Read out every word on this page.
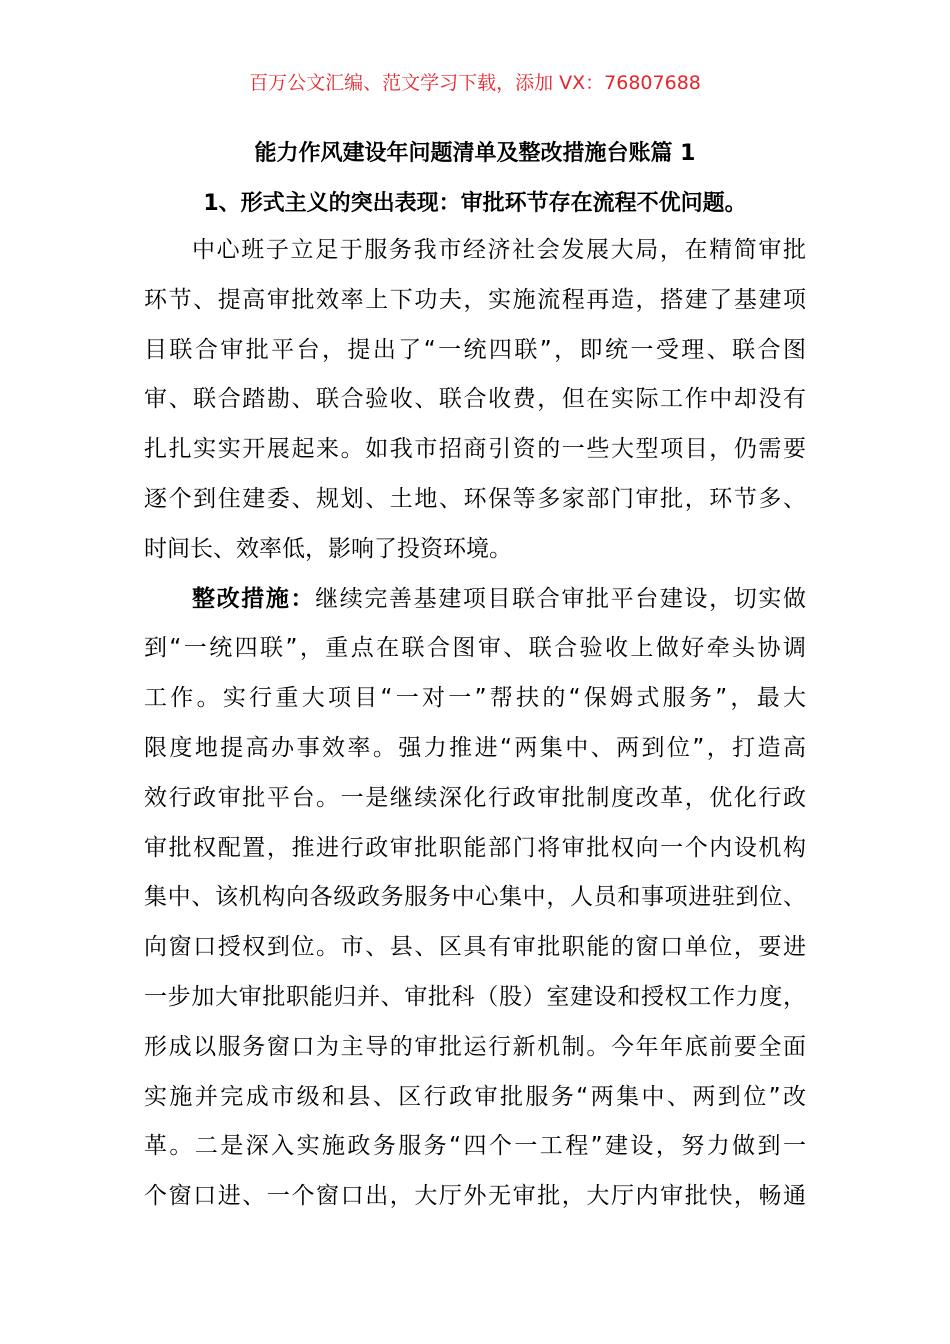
百万公文汇编、范文学习下载，添加 VX：76807688
能力作风建设年问题清单及整改措施台账篇 1
1、形式主义的突出表现：审批环节存在流程不优问题。
中心班子立足于服务我市经济社会发展大局，在精简审批
环节、提高审批效率上下功夫，实施流程再造，搭建了基建项
目联合审批平台，提出了“一统四联”，即统一受理、联合图
审、联合踏勘、联合验收、联合收费，但在实际工作中却没有
扎扎实实开展起来。如我市招商引资的一些大型项目，仍需要
逐个到住建委、规划、土地、环保等多家部门审批，环节多、
时间长、效率低，影响了投资环境。
整改措施：继续完善基建项目联合审批平台建设，切实做
到“一统四联”，重点在联合图审、联合验收上做好牵头协调
工作。实行重大项目“一对一”帮扶的“保姆式服务”，最大
限度地提高办事效率。强力推进“两集中、两到位”，打造高
效行政审批平台。一是继续深化行政审批制度改革，优化行政
审批权配置，推进行政审批职能部门将审批权向一个内设机构
集中、该机构向各级政务服务中心集中，人员和事项进驻到位、
向窗口授权到位。市、县、区具有审批职能的窗口单位，要进
一步加大审批职能归并、审批科（股）室建设和授权工作力度，
形成以服务窗口为主导的审批运行新机制。今年年底前要全面
实施并完成市级和县、区行政审批服务“两集中、两到位”改
革。二是深入实施政务服务“四个一工程”建设，努力做到一
个窗口进、一个窗口出，大厅外无审批，大厅内审批快，畅通
